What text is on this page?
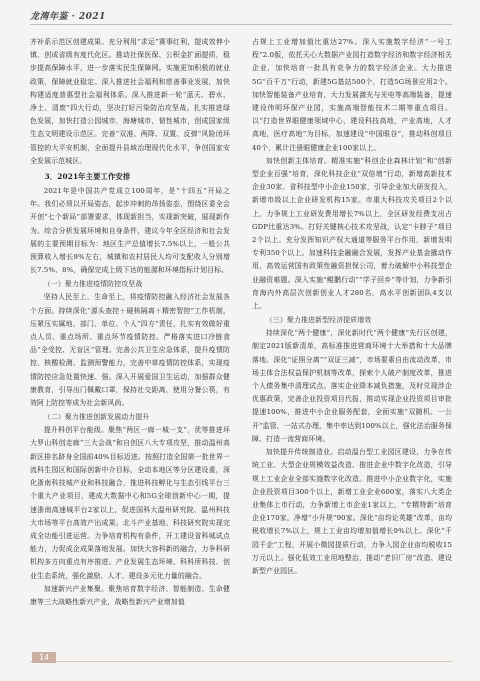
龙湾年鉴 · 2021

齐补系示范区创建成果。充分利用“求运”赛事红利，提成效伸小镇、创成省级有度代化区。推动社保医保、公积金扩面提质，稳步提高保障水平，进一步落实民生保障网。实施更加积极的就业政策，保障就业稳定。深入推进社会福利和慈善事业发展，加快构建适度普惠型社会福利体系。深入推进新一轮“蓝天、碧水、净土、清废”四大行动，坚决打好污染防治攻坚战。扎实推进绿色发展，加快打造公园城市，海塘城市，韧性城市，创成国家级生态文明建设示范区。完善“双准、两降、双置、反弹”风险闭环管控的大平安机制，全面提升县域治理现代化水平，争创国家安全发展示范城区。

3．2021年主要工作安排

2021年是中国共产党成立100周年，是“十四五”开局之年。我们必须以开局姿态，起步冲刺的昂扬姿态，围绕区委全会开创“七个新局”部署要求，体现新担当，实现新突破，展现新作为。综合分析发展环境和自身条件，建议今年全区经济和社会发展的主要预期目标为：地区生产总值增长7.5%以上，一般公共预算收入增长9%左右，城镇和农村居民人均可支配收入分别增长7.5%、8%，确保完成上级下达的能源和环境指标计划目标。

（一）聚力推进疫情防控攻坚战

坚持人民至上、生命至上，将疫情防控融入经济社会发展各个方面。持续深化“源头查控＋硬核隔离＋精密智控”工作机制，压紧压实属地、部门、单位、个人“四方”责任，扎实有效做好重点人员、重点场所、重点环节疫情防控。严格落实进口冷链食品“全受控、无盲区”管理。完善公共卫生应急体系，提升疫情防控、核酸检测、监测预警能力，完善中草疫情防控体系，实现疫情防控应急处置快速、强。深入开展爱国卫生运动，加强群众健康教育，引导出门佩戴口罩，保持社交距离，使用分餐公筷，有效阿上防控等成为社会新风尚。

（二）聚力推进创新发展动力提升

提升科创平台能级。聚焦“两区一廊一城一支”，优等推进环大罗山科创走廊“三大会战”和自创区八大专项攻坚，推动温州高新区排名跻身全国前40%目标迈进。按照打造全国第一批世界一流科生园区和国际创新中介目标，全动本地区等分区建设重，深化浙南科技城产业和科技融合，推进科技孵化与生态引线平台三个重大产业项目，建成大数据中心和5G全球创新中心一期，提速浙南高速城平台2家以上，促进国科大温州研究院、温州科技大市场等平台高效产出成果。北斗产业基地、科技研究院实现完成全功能引进运营。力争培育机构有条件，开工建设省科城试点能力，力促成企成果落地发展。加快大容科新的融合，力争科研机构多方向重点有序推进。产业发展生态环境、科科所科技、创业生态系统，强化激励、人才、建设多元化力量的融合。

加速新兴产业集聚。聚焦培育数字经济、智能制造、生命健康等三大战略性新兴产业，战略性新兴产业增加值

占规上工业增加值比重达27%。深入实施数字经济“一号工程”2.0版，依托天心大数据产业园打造数字经济和数字经济相关企业，加快培育一批具有竞争力的数字经济企业。大力推进5G“百千万”行动，新建5G基站500个，打造5G场景应用2个。加快智能装备产业培育，大力发展激光与光电等高端装备，提速建设伟明环保产业园，实施高端智能技术二期等重点项目。以“打造世界眼健康领域中心，建设科技高地，产业高地，人才高地，医疗高地”为目标，加速建设“中国眼谷”，推动科创项目40个，累计注册眼健康企业100家以上。

加快创新主体培育。精准实施“科创企业森林计划”和“创新型企业百强”培育，深化科技企业“双倍增”行动，新增高新技术企业30家、省科技型中小企业150家，引导企业加大研发投入，新增市级以上企业研发机构15家。市重大科技攻关项目2个以上，力争规上工业研发费用增长7%以上，全区研发经费支出占GDP比重达3%。打好关键核心技术攻坚战，认定“卡脖子”项目2个以上。充分发挥知识产权大通道等服务平台作用，新增发明专利350个以上。加速科技金融融合发展，发挥产业基金撬动作用，高效运营国有政策性融资担保公司，着力破解中小科技型企业融资难题。深入实施“鲲鹏行动”“学子回乡”等计划，力争新引育海内外高层次创新创业人才280名，高水平创新团队4支以上。

（三）聚力推进新型经济提质增效

持续深化“两个健康”，深化新时代“两个健康”先行区创建，制定2021版新清单，高标准推进营商环境十大举措和十大品牌落地。深化“证照分离”“双证三减”，市场要素自由流动改革，市场主体合法权益保护机制等改革，探索个人破产制度改革，推进个人债务集中清理试点。落实企业降本减负措施，及时兑现涉企优惠政策，完善企业投资项目代报，推动实现企业投资项目审批提速100%，推进中小企业服务配套，全面实施“双随机、一公开”监管，一站式办理，集中率达到100%以上，强化法治服务保障、打造一流营商环境。

加快提升传统制造业。启动温台型工业园区建设，力争在传统工业、大型企业规模效益改造、推进企业中数字化改造，引导规上工业企业全部实施数字化改造。推进中小企业数字化，实施企业投资项目300个以上，新增工业企业600家，落实八大类企业集体上市行动，力争新增上市企业1家以上，“专精特新”培育企业170家，净增“小升规”90家。深化“亩均论英雄”改革，亩均税收增长7%以上，规上工业亩均增加值增长9%以上。深化“千园千企”工程，开展小微园提质行动，力争入园企业亩均税收15万元以上。强化低效工业用地整治，推动“老旧厂房”改造、建设新型产业园区。

14
